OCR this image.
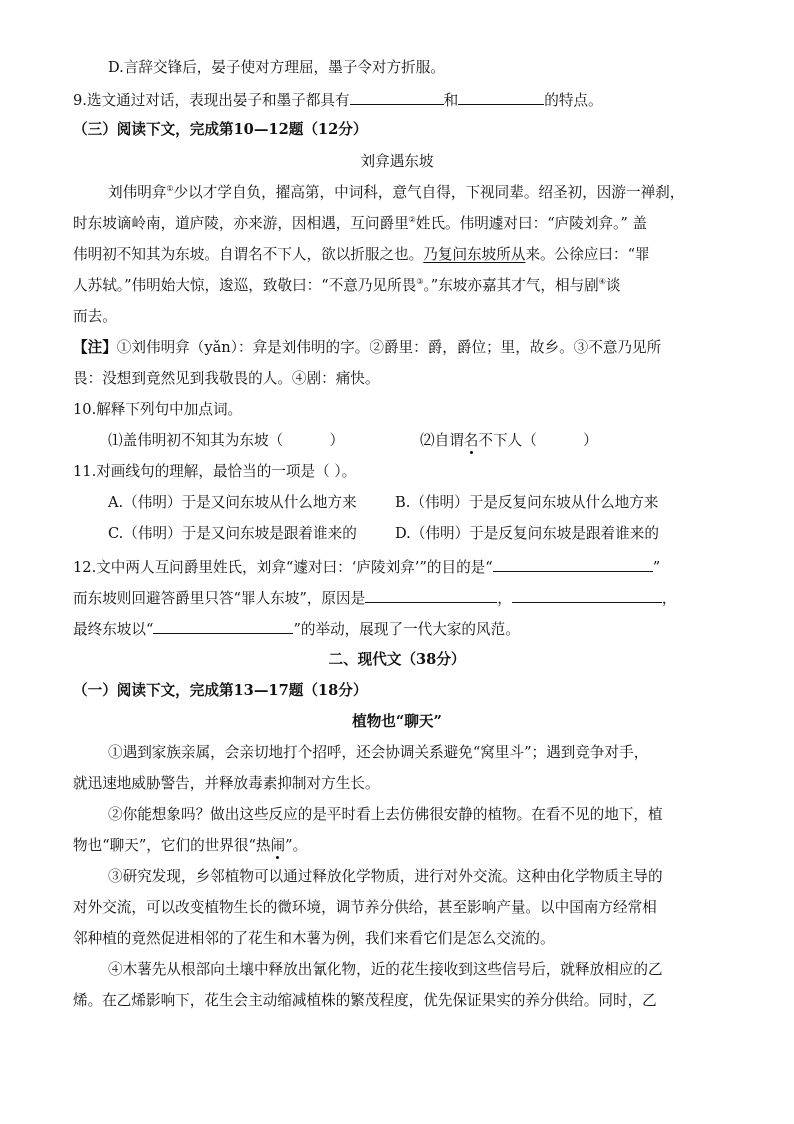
D.言辞交锋后，晏子使对方理屈，墨子令对方折服。
9.选文通过对话，表现出晏子和墨子都具有	和	的特点。
（三）阅读下文，完成第10—12题（12分）
刘弇遇东坡
刘伟明弇①少以才学自负，擢高第，中词科，意气自得，下视同辈。绍圣初，因游一禅刹，
时东坡谪岭南，道庐陵，亦来游，因相遇，互问爵里②姓氏。伟明遽对曰：“庐陵刘弇。” 盖
伟明初不知其为东坡。自谓名不下人，欲以折服之也。乃复问东坡所从来。公徐应曰：“罪
人苏轼。”伟明始大惊，逡巡，致敬曰：“不意乃见所畏③。”东坡亦嘉其才气，相与剧④谈
而去。
【注】①刘伟明弇（yǎn）：弇是刘伟明的字。②爵里：爵，爵位；里，故乡。③不意乃见所
畏：没想到竟然见到我敬畏的人。④剧：痛快。
10.解释下列句中加点词。
⑴盖伟明初不知其为东坡（          ）	⑵自谓名不下人（          ）
11.对画线句的理解，最恰当的一项是（ ）。
A.（伟明）于是又问东坡从什么地方来	B.（伟明）于是反复问东坡从什么地方来
C.（伟明）于是又问东坡是跟着谁来的	D.（伟明）于是反复问东坡是跟着谁来的
12.文中两人互问爵里姓氏，刘弇“遽对曰：‘庐陵刘弇’”的目的是“	”
而东坡则回避答爵里只答“罪人东坡”，原因是	，	，
最终东坡以“	”的举动，展现了一代大家的风范。
二、现代文（38分）
（一）阅读下文，完成第13—17题（18分）
植物也“聊天”
①遇到家族亲属，会亲切地打个招呼，还会协调关系避免“窝里斗”；遇到竞争对手，
就迅速地威胁警告，并释放毒素抑制对方生长。
②你能想象吗？做出这些反应的是平时看上去仿佛很安静的植物。在看不见的地下，植
物也“聊天”，它们的世界很“热闹”。
③研究发现，乡邻植物可以通过释放化学物质，进行对外交流。这种由化学物质主导的
对外交流，可以改变植物生长的微环境，调节养分供给，甚至影响产量。以中国南方经常相
邻种植的竟然促进相邻的了花生和木薯为例，我们来看它们是怎么交流的。
④木薯先从根部向土壤中释放出氰化物，近的花生接收到这些信号后，就释放相应的乙
烯。在乙烯影响下，花生会主动缩减植株的繁茂程度，优先保证果实的养分供给。同时，乙
